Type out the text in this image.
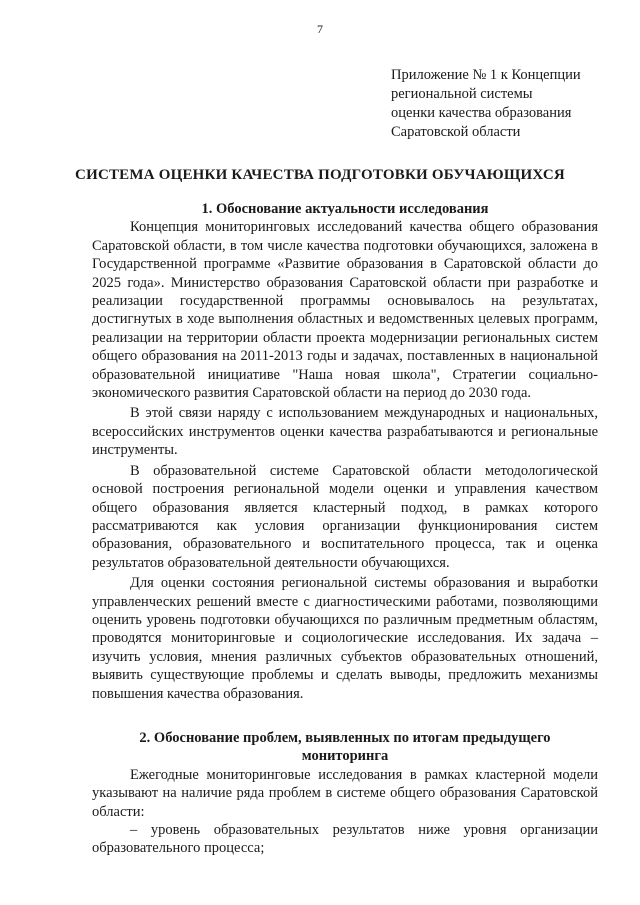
7
Приложение № 1 к Концепции
региональной системы
оценки качества образования
Саратовской области
СИСТЕМА ОЦЕНКИ КАЧЕСТВА ПОДГОТОВКИ ОБУЧАЮЩИХСЯ

1. Обоснование актуальности исследования

Концепция мониторинговых исследований качества общего образования Саратовской области, в том числе качества подготовки обучающихся, заложена в Государственной программе «Развитие образования в Саратовской области до 2025 года». Министерство образования Саратовской области при разработке и реализации государственной программы основывалось на результатах, достигнутых в ходе выполнения областных и ведомственных целевых программ, реализации на территории области проекта модернизации региональных систем общего образования на 2011-2013 годы и задачах, поставленных в национальной образовательной инициативе "Наша новая школа", Стратегии социально-экономического развития Саратовской области на период до 2030 года.

В этой связи наряду с использованием международных и национальных, всероссийских инструментов оценки качества разрабатываются и региональные инструменты.

В образовательной системе Саратовской области методологической основой построения региональной модели оценки и управления качеством общего образования является кластерный подход, в рамках которого рассматриваются как условия организации функционирования систем образования, образовательного и воспитательного процесса, так и оценка результатов образовательной деятельности обучающихся.

Для оценки состояния региональной системы образования и выработки управленческих решений вместе с диагностическими работами, позволяющими оценить уровень подготовки обучающихся по различным предметным областям, проводятся мониторинговые и социологические исследования. Их задача – изучить условия, мнения различных субъектов образовательных отношений, выявить существующие проблемы и сделать выводы, предложить механизмы повышения качества образования.

2. Обоснование проблем, выявленных по итогам предыдущего мониторинга

Ежегодные мониторинговые исследования в рамках кластерной модели указывают на наличие ряда проблем в системе общего образования Саратовской области:

– уровень образовательных результатов ниже уровня организации образовательного процесса;
